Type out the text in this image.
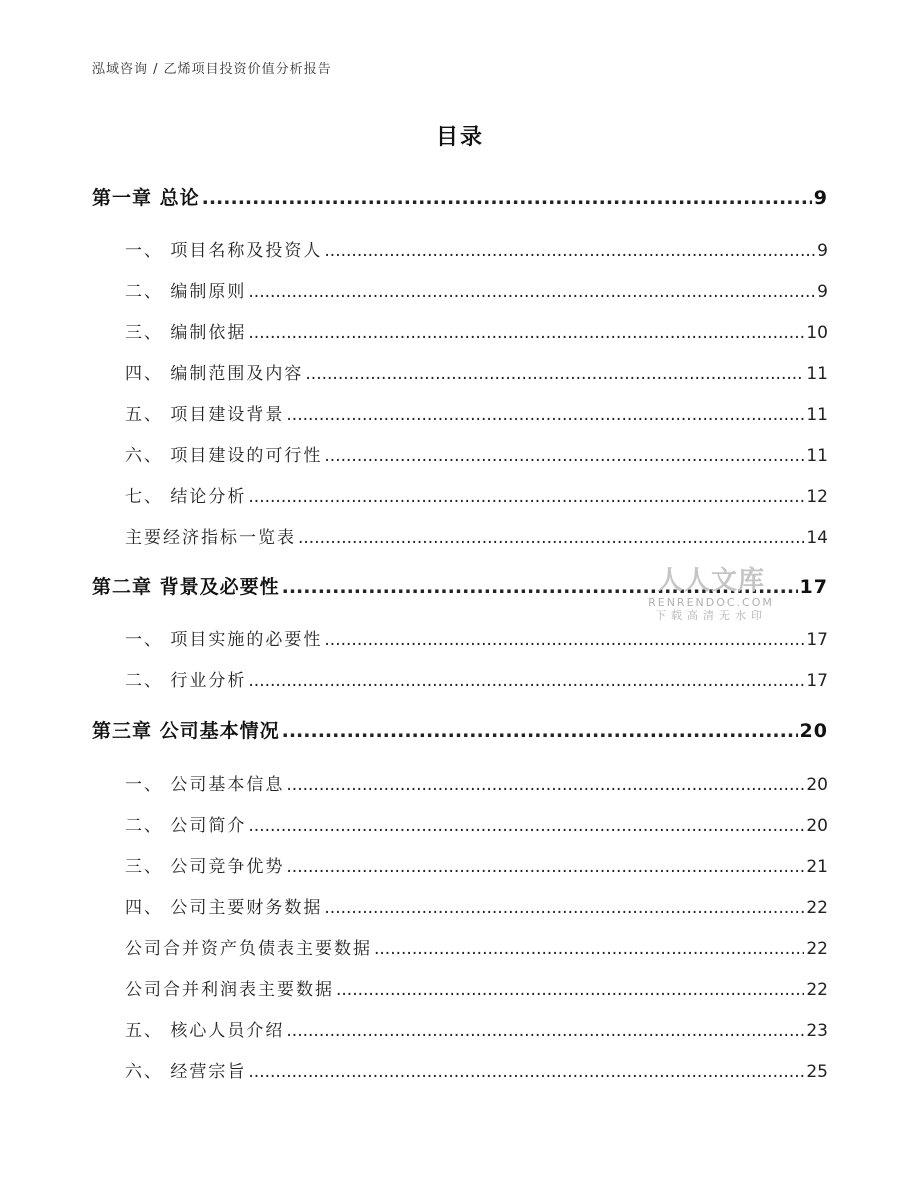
泓域咨询 / 乙烯项目投资价值分析报告
目录
第一章 总论 .....	9
一、 项目名称及投资人 .....	9
二、 编制原则 .....	9
三、 编制依据 .....	10
四、 编制范围及内容 .....	11
五、 项目建设背景 .....	11
六、 项目建设的可行性 .....	11
七、 结论分析 .....	12
主要经济指标一览表 .....	14
第二章 背景及必要性 .....	17
一、 项目实施的必要性 .....	17
二、 行业分析 .....	17
第三章 公司基本情况 .....	20
一、 公司基本信息 .....	20
二、 公司简介 .....	20
三、 公司竞争优势 .....	21
四、 公司主要财务数据 .....	22
公司合并资产负债表主要数据 .....	22
公司合并利润表主要数据 .....	22
五、 核心人员介绍 .....	23
六、 经营宗旨 .....	25
人人文库
RENRENDOC.COM
下载高清无水印
